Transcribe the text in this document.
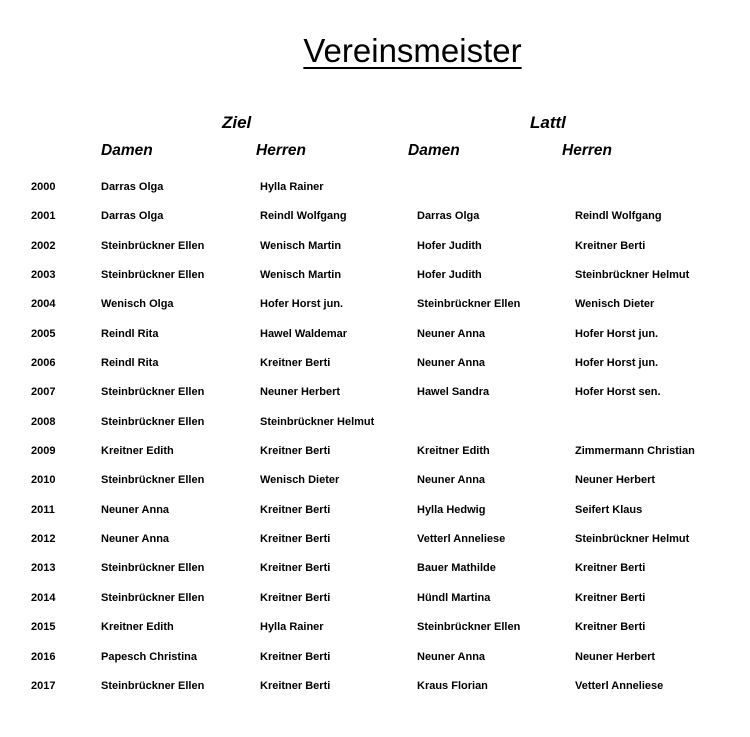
Vereinsmeister
Ziel	Lattl
Damen	Herren	Damen	Herren
2000	Darras Olga	Hylla Rainer
2001	Darras Olga	Reindl Wolfgang	Darras Olga	Reindl Wolfgang
2002	Steinbrückner Ellen	Wenisch Martin	Hofer Judith	Kreitner Berti
2003	Steinbrückner Ellen	Wenisch Martin	Hofer Judith	Steinbrückner Helmut
2004	Wenisch Olga	Hofer Horst jun.	Steinbrückner Ellen	Wenisch Dieter
2005	Reindl Rita	Hawel Waldemar	Neuner Anna	Hofer Horst jun.
2006	Reindl Rita	Kreitner Berti	Neuner Anna	Hofer Horst jun.
2007	Steinbrückner Ellen	Neuner Herbert	Hawel Sandra	Hofer Horst sen.
2008	Steinbrückner Ellen	Steinbrückner Helmut
2009	Kreitner Edith	Kreitner Berti	Kreitner Edith	Zimmermann Christian
2010	Steinbrückner Ellen	Wenisch Dieter	Neuner Anna	Neuner Herbert
2011	Neuner Anna	Kreitner Berti	Hylla Hedwig	Seifert Klaus
2012	Neuner Anna	Kreitner Berti	Vetterl Anneliese	Steinbrückner Helmut
2013	Steinbrückner Ellen	Kreitner Berti	Bauer Mathilde	Kreitner Berti
2014	Steinbrückner Ellen	Kreitner Berti	Hündl Martina	Kreitner Berti
2015	Kreitner Edith	Hylla Rainer	Steinbrückner Ellen	Kreitner Berti
2016	Papesch Christina	Kreitner Berti	Neuner Anna	Neuner Herbert
2017	Steinbrückner Ellen	Kreitner Berti	Kraus Florian	Vetterl Anneliese
